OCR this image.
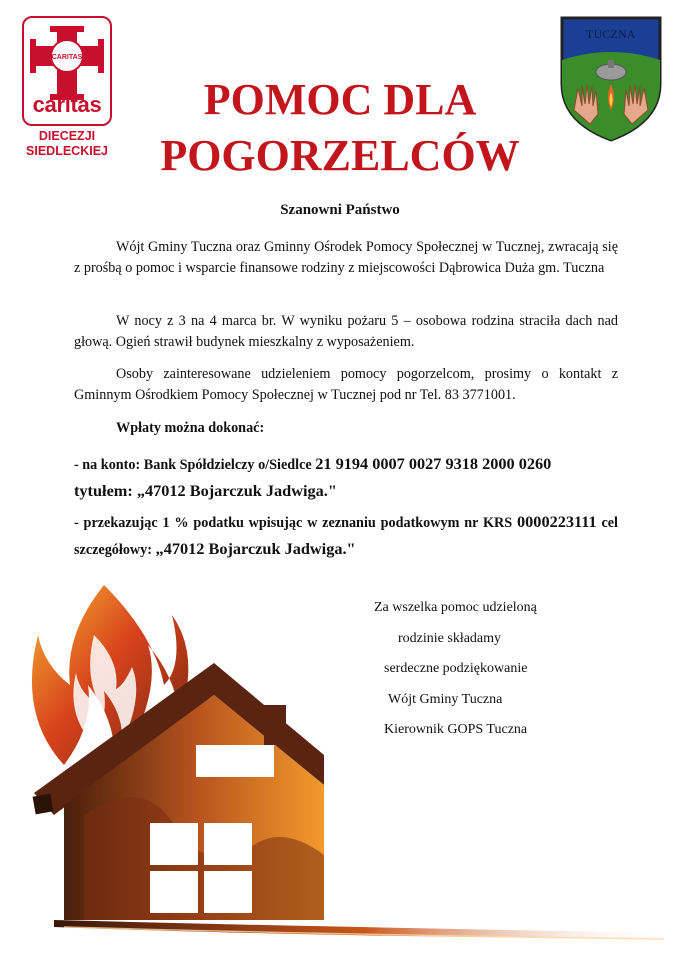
CARITAS
caritas
DIECEZJI
SIEDLECKIEJ
TUCZNA
POMOC DLA
POGORZELCÓW

Szanowni Państwo

Wójt Gminy Tuczna oraz Gminny Ośrodek Pomocy Społecznej w Tucznej, zwracają się z prośbą o pomoc i wsparcie finansowe rodziny z miejscowości Dąbrowica Duża gm. Tuczna

W nocy z 3 na 4 marca br. W wyniku pożaru 5 – osobowa rodzina straciła dach nad głową. Ogień strawił budynek mieszkalny z wyposażeniem.

Osoby zainteresowane udzieleniem pomocy pogorzelcom, prosimy o kontakt z Gminnym Ośrodkiem Pomocy Społecznej w Tucznej pod nr Tel. 83 3771001.

Wpłaty można dokonać:

- na konto: Bank Spółdzielczy o/Siedlce 21 9194 0007 0027 9318 2000 0260
tytułem: „47012 Bojarczuk Jadwiga."

- przekazując 1 % podatku wpisując w zeznaniu podatkowym nr KRS 0000223111 cel szczegółowy: „47012 Bojarczuk Jadwiga."

Za wszelka pomoc udzieloną
rodzinie składamy
serdeczne podziękowanie
Wójt Gminy Tuczna
Kierownik GOPS Tuczna
